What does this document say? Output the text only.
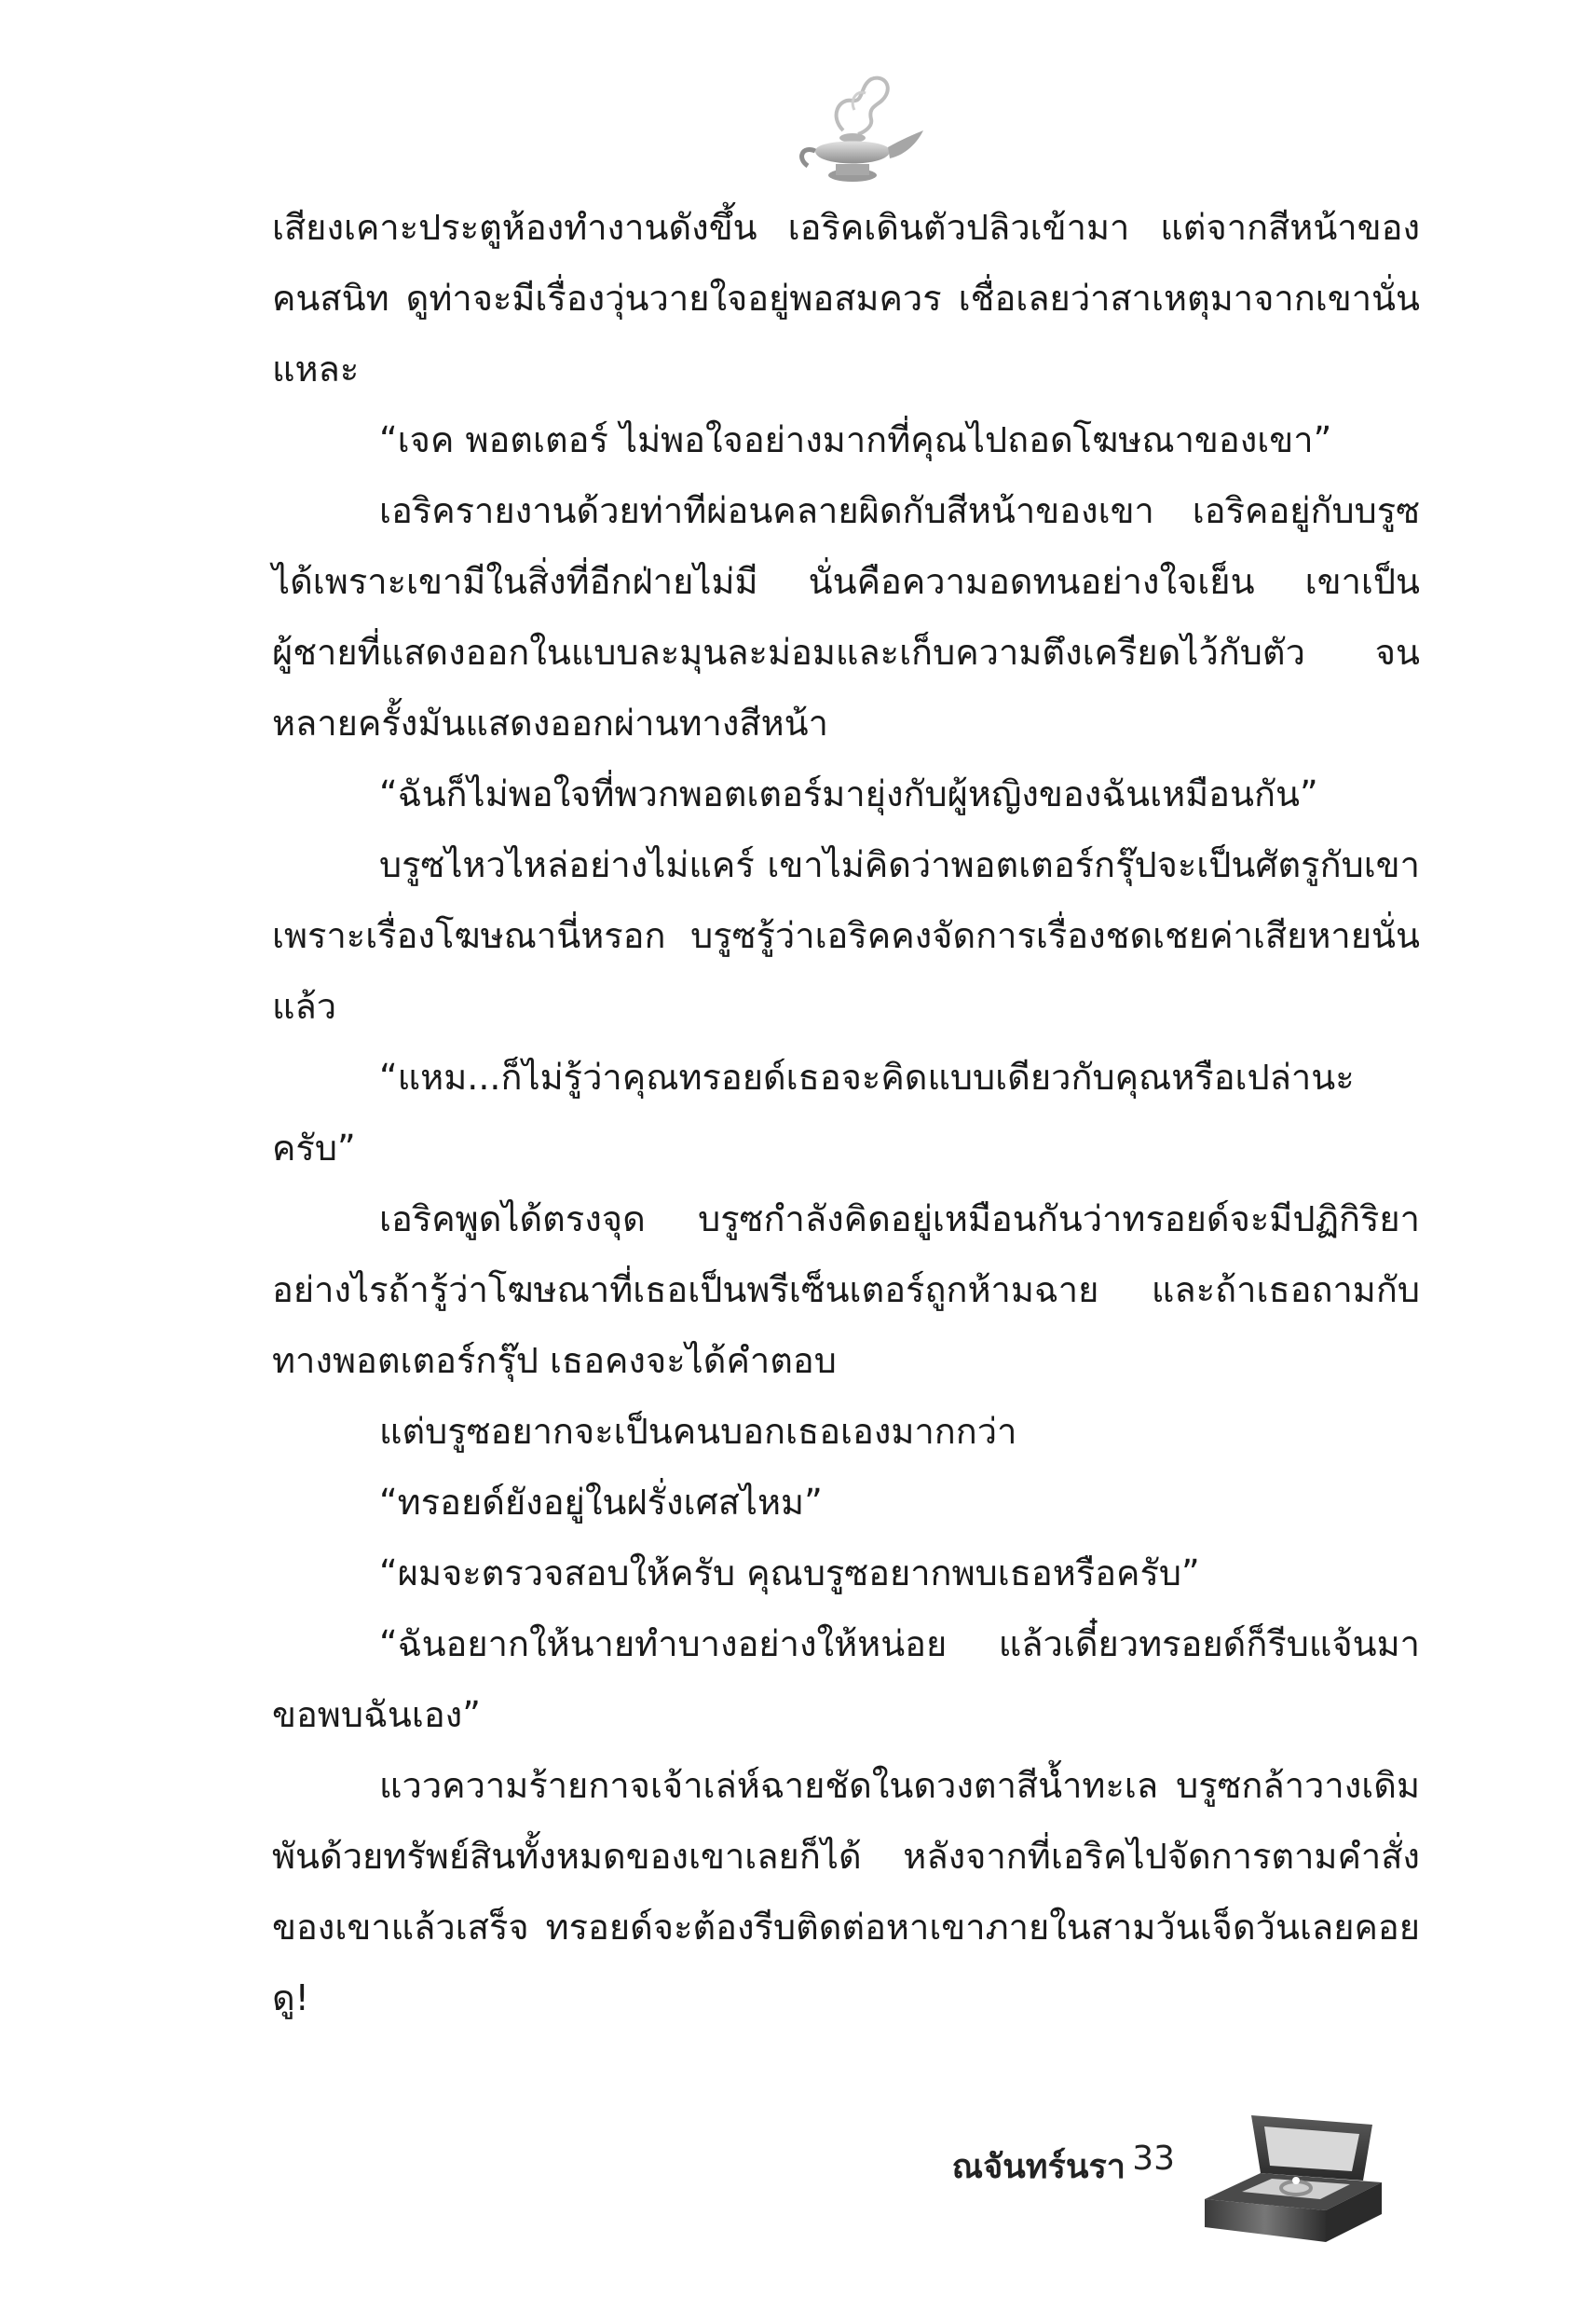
เสียงเคาะประตูห้องทำงานดังขึ้น เอริคเดินตัวปลิวเข้ามา แต่จากสีหน้าของคนสนิท ดูท่าจะมีเรื่องวุ่นวายใจอยู่พอสมควร เชื่อเลยว่าสาเหตุมาจากเขานั่นแหละ

“เจค พอตเตอร์ ไม่พอใจอย่างมากที่คุณไปถอดโฆษณาของเขา”

เอริครายงานด้วยท่าทีผ่อนคลายผิดกับสีหน้าของเขา เอริคอยู่กับบรูซได้เพราะเขามีในสิ่งที่อีกฝ่ายไม่มี นั่นคือความอดทนอย่างใจเย็น เขาเป็นผู้ชายที่แสดงออกในแบบละมุนละม่อมและเก็บความตึงเครียดไว้กับตัว จนหลายครั้งมันแสดงออกผ่านทางสีหน้า

“ฉันก็ไม่พอใจที่พวกพอตเตอร์มายุ่งกับผู้หญิงของฉันเหมือนกัน”

บรูซไหวไหล่อย่างไม่แคร์ เขาไม่คิดว่าพอตเตอร์กรุ๊ปจะเป็นศัตรูกับเขาเพราะเรื่องโฆษณานี่หรอก บรูซรู้ว่าเอริคคงจัดการเรื่องชดเชยค่าเสียหายนั่นแล้ว

“แหม...ก็ไม่รู้ว่าคุณทรอยด์เธอจะคิดแบบเดียวกับคุณหรือเปล่านะครับ”

เอริคพูดได้ตรงจุด บรูซกำลังคิดอยู่เหมือนกันว่าทรอยด์จะมีปฏิกิริยาอย่างไรถ้ารู้ว่าโฆษณาที่เธอเป็นพรีเซ็นเตอร์ถูกห้ามฉาย และถ้าเธอถามกับทางพอตเตอร์กรุ๊ป เธอคงจะได้คำตอบ

แต่บรูซอยากจะเป็นคนบอกเธอเองมากกว่า

“ทรอยด์ยังอยู่ในฝรั่งเศสไหม”

“ผมจะตรวจสอบให้ครับ คุณบรูซอยากพบเธอหรือครับ”

“ฉันอยากให้นายทำบางอย่างให้หน่อย แล้วเดี๋ยวทรอยด์ก็รีบแจ้นมาขอพบฉันเอง”

แววความร้ายกาจเจ้าเล่ห์ฉายชัดในดวงตาสีน้ำทะเล บรูซกล้าวางเดิมพันด้วยทรัพย์สินทั้งหมดของเขาเลยก็ได้ หลังจากที่เอริคไปจัดการตามคำสั่งของเขาแล้วเสร็จ ทรอยด์จะต้องรีบติดต่อหาเขาภายในสามวันเจ็ดวันเลยคอยดู!

ณจันทร์นรา 33
